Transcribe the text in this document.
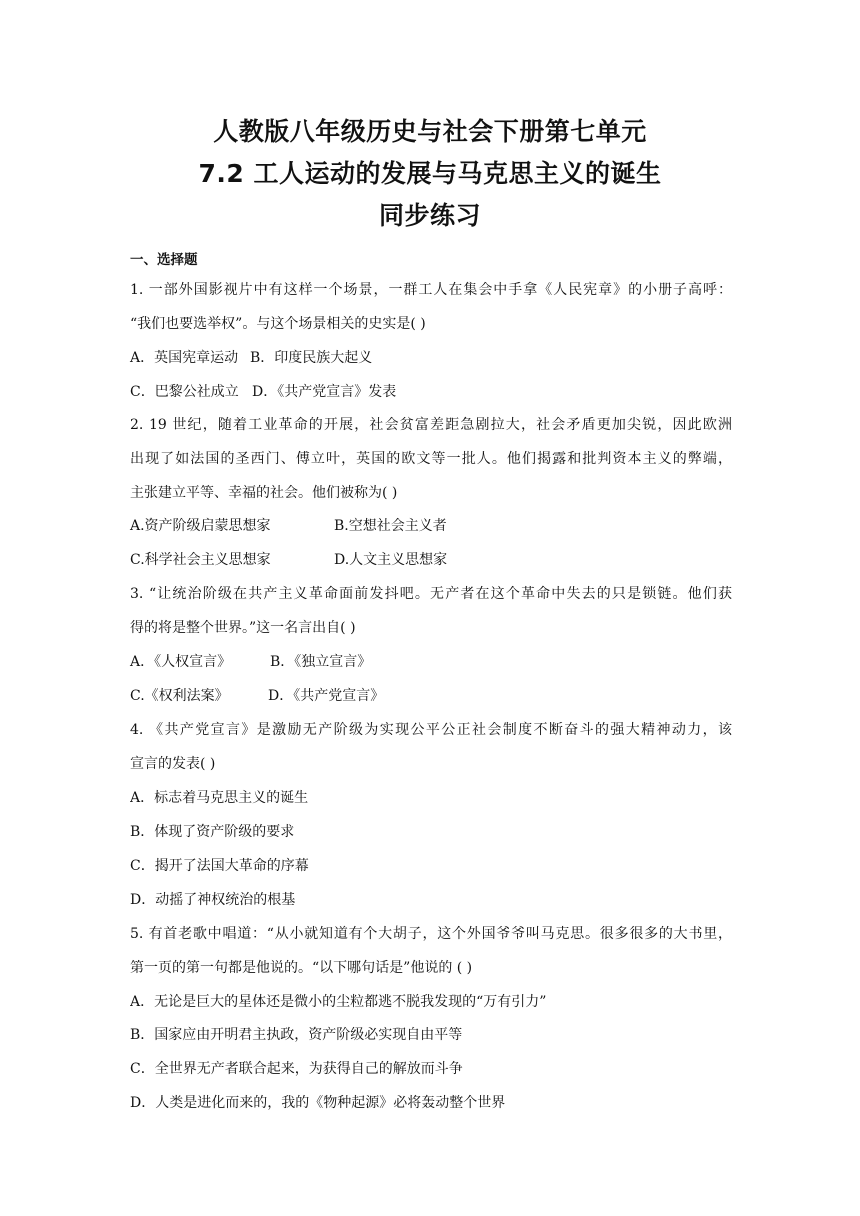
人教版八年级历史与社会下册第七单元
7.2 工人运动的发展与马克思主义的诞生
同步练习
一、选择题
1. 一部外国影视片中有这样一个场景，一群工人在集会中手拿《人民宪章》的小册子高呼：
“我们也要选举权”。与这个场景相关的史实是( )
A．英国宪章运动 B．印度民族大起义
C．巴黎公社成立 D．《共产党宣言》发表
2. 19 世纪，随着工业革命的开展，社会贫富差距急剧拉大，社会矛盾更加尖锐，因此欧洲
出现了如法国的圣西门、傅立叶，英国的欧文等一批人。他们揭露和批判资本主义的弊端，
主张建立平等、幸福的社会。他们被称为( )
A.资产阶级启蒙思想家	B.空想社会主义者
C.科学社会主义思想家	D.人文主义思想家
3. “让统治阶级在共产主义革命面前发抖吧。无产者在这个革命中失去的只是锁链。他们获
得的将是整个世界。”这一名言出自( )
A．《人权宣言》	B．《独立宣言》
C.《权利法案》	D．《共产党宣言》
4. 《共产党宣言》是激励无产阶级为实现公平公正社会制度不断奋斗的强大精神动力，该
宣言的发表( )
A．标志着马克思主义的诞生
B．体现了资产阶级的要求
C．揭开了法国大革命的序幕
D．动摇了神权统治的根基
5. 有首老歌中唱道：“从小就知道有个大胡子，这个外国爷爷叫马克思。很多很多的大书里，
第一页的第一句都是他说的。“以下哪句话是”他说的 ( )
A．无论是巨大的星体还是微小的尘粒都逃不脱我发现的“万有引力”
B．国家应由开明君主执政，资产阶级必实现自由平等
C．全世界无产者联合起来，为获得自己的解放而斗争
D．人类是进化而来的，我的《物种起源》必将轰动整个世界
